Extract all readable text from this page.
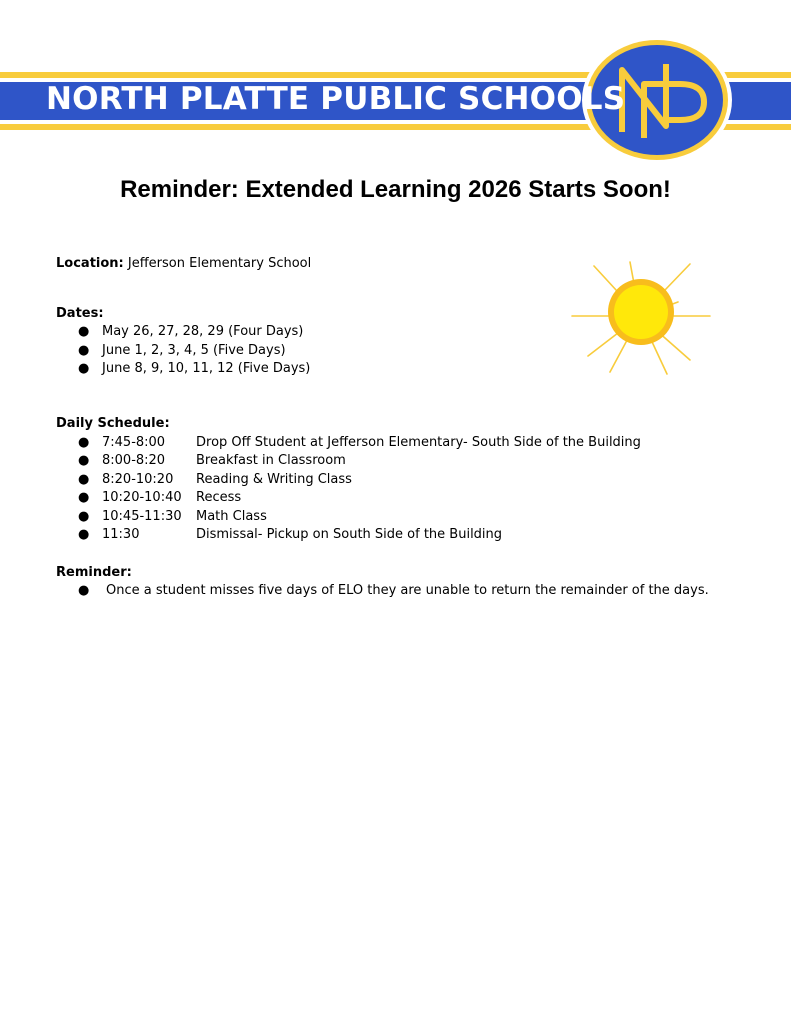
NORTH PLATTE PUBLIC SCHOOLS
Reminder: Extended Learning 2026 Starts Soon!
Location: Jefferson Elementary School
Dates:
● May 26, 27, 28, 29 (Four Days)
● June 1, 2, 3, 4, 5 (Five Days)
● June 8, 9, 10, 11, 12 (Five Days)
Daily Schedule:
● 7:45-8:00 Drop Off Student at Jefferson Elementary- South Side of the Building
● 8:00-8:20 Breakfast in Classroom
● 8:20-10:20 Reading & Writing Class
● 10:20-10:40 Recess
● 10:45-11:30 Math Class
● 11:30	Dismissal- Pickup on South Side of the Building
Reminder:
● Once a student misses five days of ELO they are unable to return the remainder of the days.
